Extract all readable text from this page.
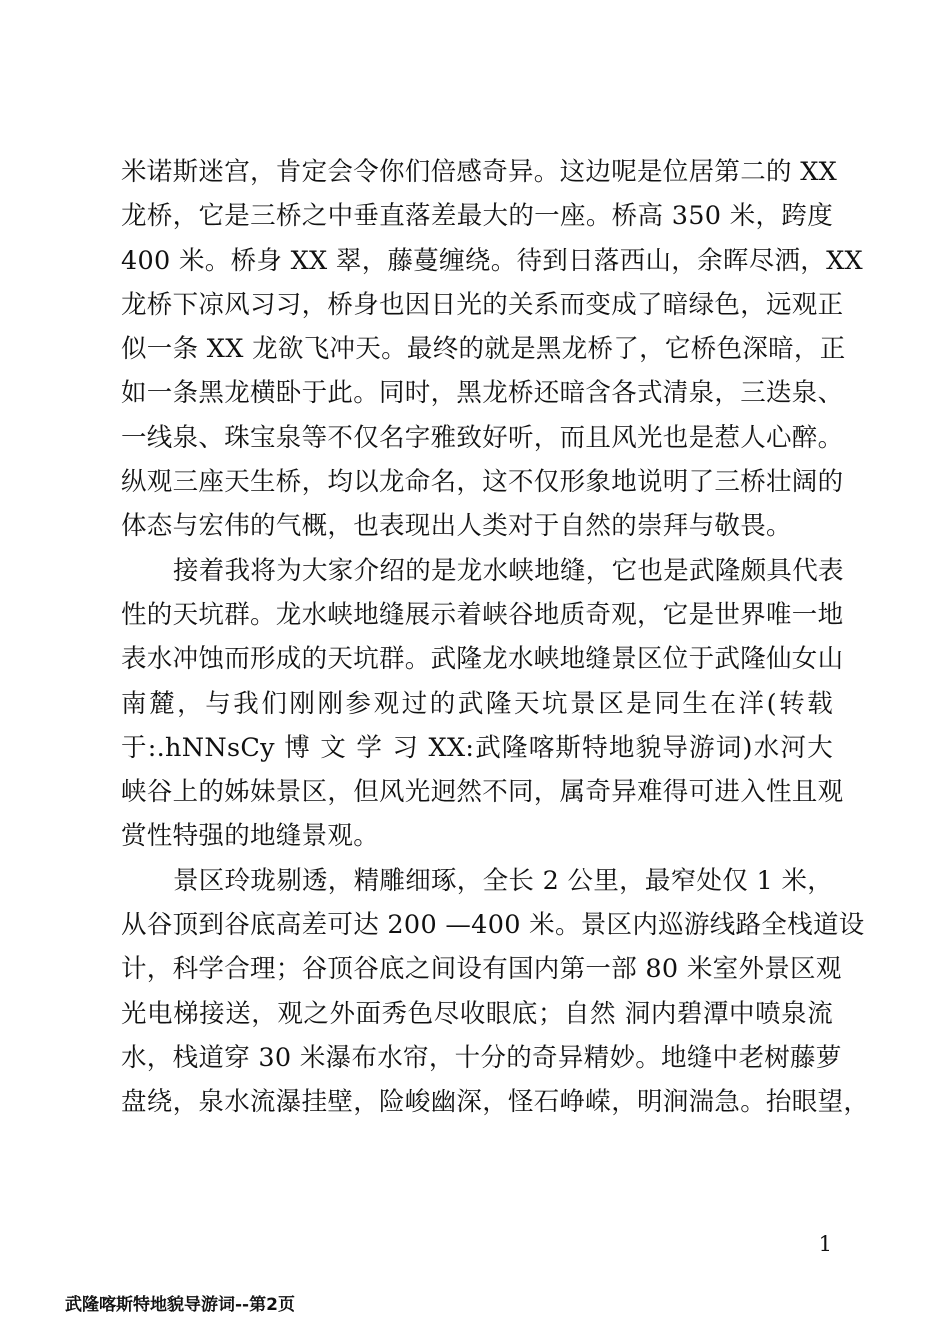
米诺斯迷宫，肯定会令你们倍感奇异。这边呢是位居第二的 XX
龙桥，它是三桥之中垂直落差最大的一座。桥高 350 米，跨度
400 米。桥身 XX 翠，藤蔓缠绕。待到日落西山，余晖尽洒，XX
龙桥下凉风习习，桥身也因日光的关系而变成了暗绿色，远观正
似一条 XX 龙欲飞冲天。最终的就是黑龙桥了，它桥色深暗，正
如一条黑龙横卧于此。同时，黑龙桥还暗含各式清泉，三迭泉、
一线泉、珠宝泉等不仅名字雅致好听，而且风光也是惹人心醉。
纵观三座天生桥，均以龙命名，这不仅形象地说明了三桥壮阔的
体态与宏伟的气概，也表现出人类对于自然的崇拜与敬畏。
接着我将为大家介绍的是龙水峡地缝，它也是武隆颇具代表
性的天坑群。龙水峡地缝展示着峡谷地质奇观，它是世界唯一地
表水冲蚀而形成的天坑群。武隆龙水峡地缝景区位于武隆仙女山
南麓，与我们刚刚参观过的武隆天坑景区是同生在洋(转载
于:.hNNsCy 博 文 学 习 XX:武隆喀斯特地貌导游词)水河大
峡谷上的姊妹景区，但风光迥然不同，属奇异难得可进入性且观
赏性特强的地缝景观。
景区玲珑剔透，精雕细琢，全长 2 公里，最窄处仅 1 米，
从谷顶到谷底高差可达 200 —400 米。景区内巡游线路全栈道设
计，科学合理；谷顶谷底之间设有国内第一部 80 米室外景区观
光电梯接送，观之外面秀色尽收眼底；自然 洞内碧潭中喷泉流
水，栈道穿 30 米瀑布水帘，十分的奇异精妙。地缝中老树藤萝
盘绕，泉水流瀑挂壁，险峻幽深，怪石峥嵘，明涧湍急。抬眼望，
1
武隆喀斯特地貌导游词--第2页
